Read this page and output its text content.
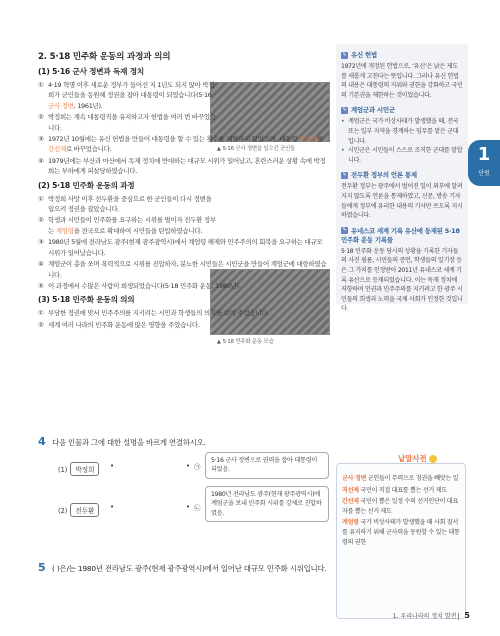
2. 5·18 민주화 운동의 과정과 의의
(1) 5·16 군사 정변과 독재 정치
▲ 5·16 군사 정변을 일으킨 군인들
① 4·19 혁명 이후 새로운 정부가 들어선 지 1년도 되지 않아 박정희가 군인들을 동원해 정권을 잡아 대통령이 되었습니다(5·16 군사 정변, 1961년).
② 박정희는 계속 대통령직을 유지하고자 헌법을 여러 번 바꾸었습니다.
③ 1972년 10월에는 유신 헌법을 만들어 대통령을 할 수 있는 횟수를 제한하지 않았으며, 대통령 직선제를 간선제로 바꾸었습니다.
④ 1979년에는 부산과 마산에서 독재 정치에 반대하는 대규모 시위가 일어났고, 혼란스러운 상황 속에 박정희는 부하에게 피살당하였습니다.
(2) 5·18 민주화 운동의 과정
▲ 5·18 민주화 운동 모습
① 박정희 사망 이후 전두환을 중심으로 한 군인들이 다시 정변을 일으켜 정권을 잡았습니다.
② 학생과 시민들이 민주화를 요구하는 시위를 벌이자 전두환 정부는 계엄령을 전국으로 확대하여 시민들을 탄압하였습니다.
③ 1980년 5월에 전라남도 광주(현재 광주광역시)에서 계엄령 해제와 민주주의의 회복을 요구하는 대규모 시위가 일어났습니다.
④ 계엄군이 총을 쏘며 폭력적으로 시위를 진압하자, 분노한 시민들은 시민군을 만들어 계엄군에 대항하였습니다.
⑤ 이 과정에서 수많은 사람이 희생되었습니다(5·18 민주화 운동, 1980년).
(3) 5·18 민주화 운동의 의의
① 부당한 정권에 맞서 민주주의를 지키려는 시민과 학생들의 의지를 보여 주었습니다.
② 세계 여러 나라의 민주화 운동에 많은 영향을 주었습니다.
✎ 유신 헌법
1972년에 개정된 헌법으로, ‘유신’은 낡은 제도를 새롭게 고친다는 뜻입니다. 그러나 유신 헌법의 내용은 대통령의 지위와 권한을 강화하고 국민의 기본권을 제한하는 것이었습니다.
✎ 계엄군과 시민군
• 계엄군은 국가 비상사태가 발생했을 때, 전국 또는 일부 지역을 경계하는 임무를 맡은 군대입니다.
• 시민군은 시민들이 스스로 조직한 군대를 말합니다.
✎ 전두환 정부의 언론 통제
전두환 정부는 광주에서 벌어진 일이 외부에 알려지지 않도록 언론을 통제하였고, 신문, 방송 기자들에게 정부에 유리한 내용의 기사만 쓰도록 지시하였습니다.
✎ 유네스코 세계 기록 유산에 등재된 5·18 민주화 운동 기록물
5·18 민주화 운동 당시의 상황을 기록한 기자들의 사진 필름, 시민들의 증언, 학생들의 일기장 등은 그 가치를 인정받아 2011년 유네스코 세계 기록 유산으로 등재되었습니다. 이는 독재 정치에 저항하며 인권과 민주주의를 지키려고 한 광주 시민들의 희생과 노력을 국제 사회가 인정한 것입니다.
1
단원
4 다음 인물과 그에 대한 설명을 바르게 연결하시오.
(1) 박정희	•	• ㉠
5·16 군사 정변으로 권력을 잡아 대통령이 되었음.
(2) 전두환	•	• ㉡
1980년 전라남도 광주(현재 광주광역시)에 계엄군을 보내 민주화 시위를 강제로 진압하였음.
5 ( )은/는 1980년 전라남도 광주(현재 광주광역시)에서 일어난 대규모 민주화 시위입니다.
낱말사전
군사 정변 군인들이 무력으로 정권을 빼앗는 일
직선제 국민이 직접 대표를 뽑는 선거 제도
간선제 국민이 뽑은 일정 수의 선거인단이 대표자를 뽑는 선거 제도
계엄령 국가 비상사태가 발생했을 때 사회 질서를 유지하기 위해 군사력을 동원할 수 있는 대통령의 권한
1. 우리나라의 정치 발전 5
